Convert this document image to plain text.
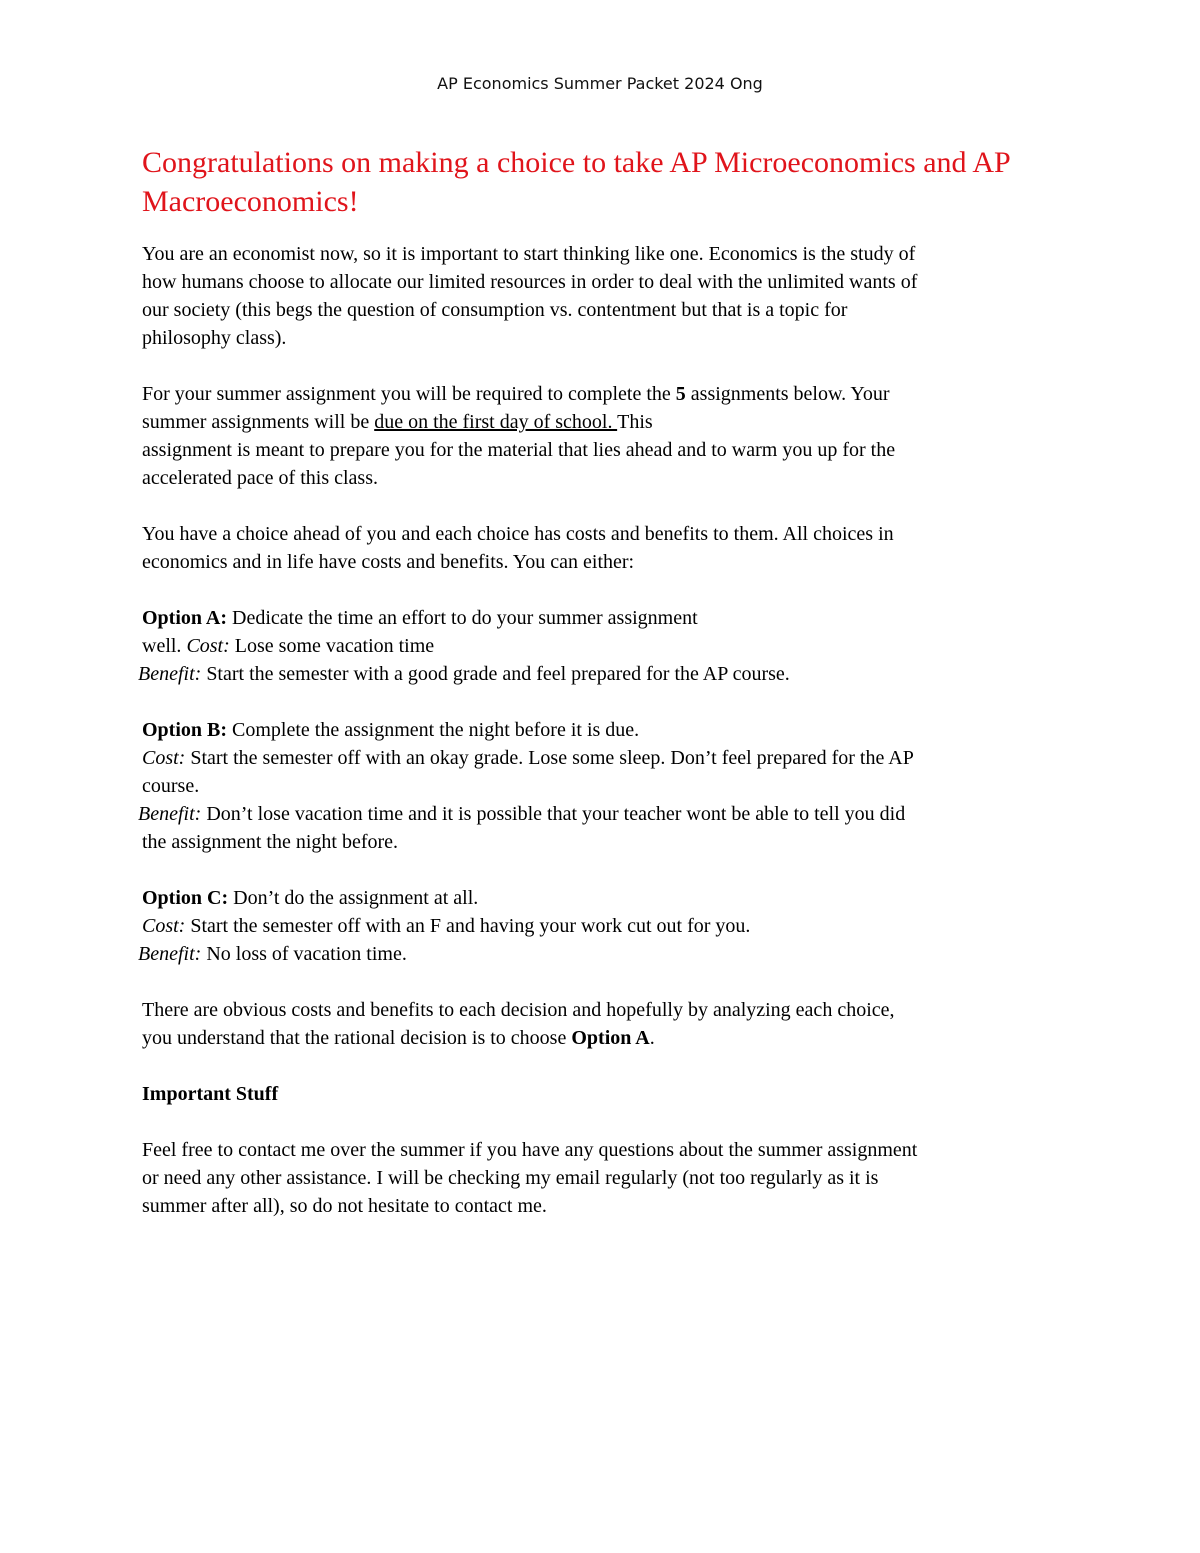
AP Economics Summer Packet 2024 Ong
Congratulations on making a choice to take AP Microeconomics and AP Macroeconomics!

You are an economist now, so it is important to start thinking like one. Economics is the study of
how humans choose to allocate our limited resources in order to deal with the unlimited wants of
our society (this begs the question of consumption vs. contentment but that is a topic for
philosophy class).

For your summer assignment you will be required to complete the 5 assignments below. Your
summer assignments will be due on the first day of school. This
assignment is meant to prepare you for the material that lies ahead and to warm you up for the
accelerated pace of this class.

You have a choice ahead of you and each choice has costs and benefits to them. All choices in
economics and in life have costs and benefits. You can either:

Option A: Dedicate the time an effort to do your summer assignment
well. Cost: Lose some vacation time
Benefit: Start the semester with a good grade and feel prepared for the AP course.
Option B: Complete the assignment the night before it is due.
Cost: Start the semester off with an okay grade. Lose some sleep. Don’t feel prepared for the AP
course.
Benefit: Don’t lose vacation time and it is possible that your teacher wont be able to tell you did
the assignment the night before.
Option C: Don’t do the assignment at all.
Cost: Start the semester off with an F and having your work cut out for you.
Benefit: No loss of vacation time.

There are obvious costs and benefits to each decision and hopefully by analyzing each choice,
you understand that the rational decision is to choose Option A.

Important Stuff

Feel free to contact me over the summer if you have any questions about the summer assignment
or need any other assistance. I will be checking my email regularly (not too regularly as it is
summer after all), so do not hesitate to contact me.
